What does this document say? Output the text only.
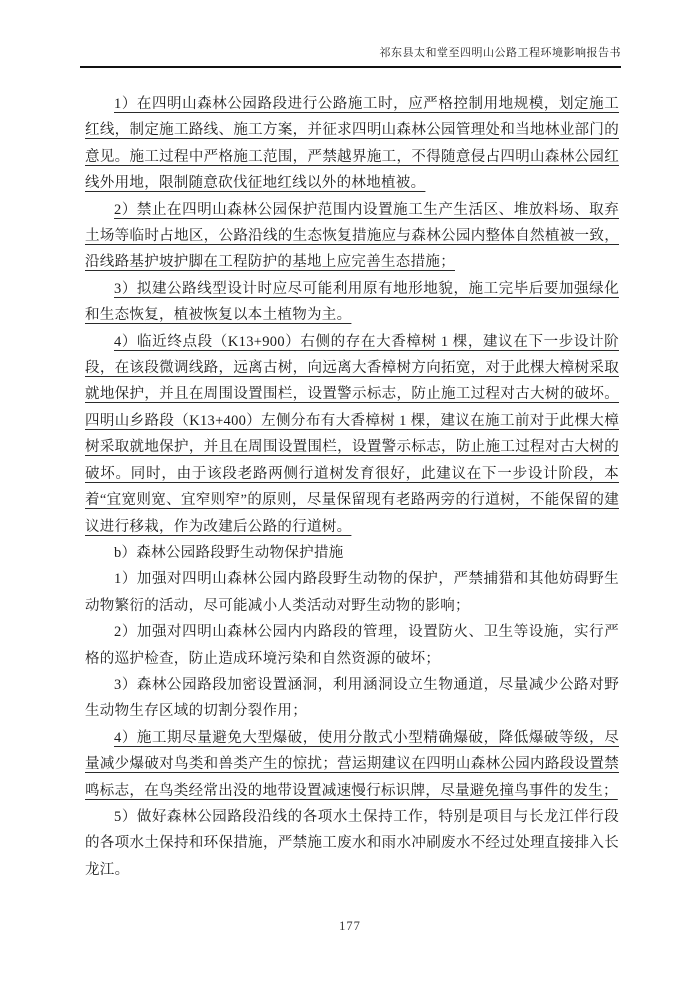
祁东县太和堂至四明山公路工程环境影响报告书

1）在四明山森林公园路段进行公路施工时，应严格控制用地规模，划定施工红线，制定施工路线、施工方案，并征求四明山森林公园管理处和当地林业部门的意见。施工过程中严格施工范围，严禁越界施工，不得随意侵占四明山森林公园红线外用地，限制随意砍伐征地红线以外的林地植被。

2）禁止在四明山森林公园保护范围内设置施工生产生活区、堆放料场、取弃土场等临时占地区，公路沿线的生态恢复措施应与森林公园内整体自然植被一致，沿线路基护坡护脚在工程防护的基地上应完善生态措施；

3）拟建公路线型设计时应尽可能利用原有地形地貌，施工完毕后要加强绿化和生态恢复，植被恢复以本土植物为主。

4）临近终点段（K13+900）右侧的存在大香樟树 1 棵，建议在下一步设计阶段，在该段微调线路，远离古树，向远离大香樟树方向拓宽，对于此棵大樟树采取就地保护，并且在周围设置围栏，设置警示标志，防止施工过程对古大树的破坏。四明山乡路段（K13+400）左侧分布有大香樟树 1 棵，建议在施工前对于此棵大樟树采取就地保护，并且在周围设置围栏，设置警示标志，防止施工过程对古大树的破坏。同时，由于该段老路两侧行道树发育很好，此建议在下一步设计阶段，本着“宜宽则宽、宜窄则窄”的原则，尽量保留现有老路两旁的行道树，不能保留的建议进行移栽，作为改建后公路的行道树。

b）森林公园路段野生动物保护措施

1）加强对四明山森林公园内路段野生动物的保护，严禁捕猎和其他妨碍野生动物繁衍的活动，尽可能减小人类活动对野生动物的影响；

2）加强对四明山森林公园内内路段的管理，设置防火、卫生等设施，实行严格的巡护检查，防止造成环境污染和自然资源的破坏；

3）森林公园路段加密设置涵洞，利用涵洞设立生物通道，尽量减少公路对野生动物生存区域的切割分裂作用；

4）施工期尽量避免大型爆破，使用分散式小型精确爆破，降低爆破等级，尽量减少爆破对鸟类和兽类产生的惊扰；营运期建议在四明山森林公园内路段设置禁鸣标志，在鸟类经常出没的地带设置减速慢行标识牌，尽量避免撞鸟事件的发生；

5）做好森林公园路段沿线的各项水土保持工作，特别是项目与长龙江伴行段的各项水土保持和环保措施，严禁施工废水和雨水冲刷废水不经过处理直接排入长龙江。

177
